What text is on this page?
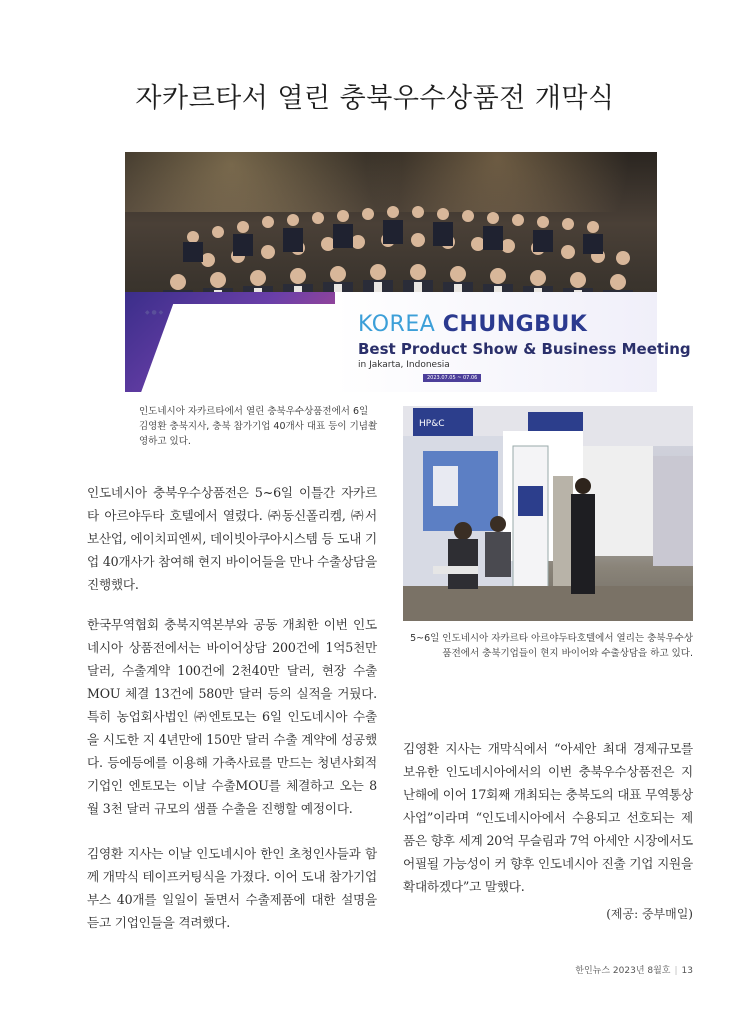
자카르타서 열린 충북우수상품전 개막식
◆ ● ◆	KOREA CHUNGBUK
Best Product Show & Business Meeting
in Jakarta, Indonesia
2023.07.05 ~ 07.06
인도네시아 자카르타에서 열린 충북우수상품전에서 6일 김영환 충북지사, 충북 참가기업 40개사 대표 등이 기념촬영하고 있다.
HP&C
5~6일 인도네시아 자카르타 아르야두타호텔에서 열리는 충북우수상품전에서 충북기업들이 현지 바이어와 수출상담을 하고 있다.
인도네시아 충북우수상품전은 5~6일 이틀간 자카르타 아르야두타 호텔에서 열렸다. ㈜동신폴리켐, ㈜서보산업, 에이치피엔씨, 데이빗아쿠아시스템 등 도내 기업 40개사가 참여해 현지 바이어들을 만나 수출상담을 진행했다.
한국무역협회 충북지역본부와 공동 개최한 이번 인도네시아 상품전에서는 바이어상담 200건에 1억5천만 달러, 수출계약 100건에 2천40만 달러, 현장 수출MOU 체결 13건에 580만 달러 등의 실적을 거뒀다. 특히 농업회사법인 ㈜엔토모는 6일 인도네시아 수출을 시도한 지 4년만에 150만 달러 수출 계약에 성공했다. 등에등에를 이용해 가축사료를 만드는 청년사회적기업인 엔토모는 이날 수출MOU를 체결하고 오는 8월 3천 달러 규모의 샘플 수출을 진행할 예정이다.
김영환 지사는 이날 인도네시아 한인 초청인사들과 함께 개막식 테이프커팅식을 가졌다. 이어 도내 참가기업 부스 40개를 일일이 돌면서 수출제품에 대한 설명을 듣고 기업인들을 격려했다.
김영환 지사는 개막식에서 “아세안 최대 경제규모를 보유한 인도네시아에서의 이번 충북우수상품전은 지난해에 이어 17회째 개최되는 충북도의 대표 무역통상사업”이라며 “인도네시아에서 수용되고 선호되는 제품은 향후 세계 20억 무슬림과 7억 아세안 시장에서도 어필될 가능성이 커 향후 인도네시아 진출 기업 지원을 확대하겠다”고 말했다.
(제공: 중부매일)
한인뉴스 2023년 8월호 | 13
